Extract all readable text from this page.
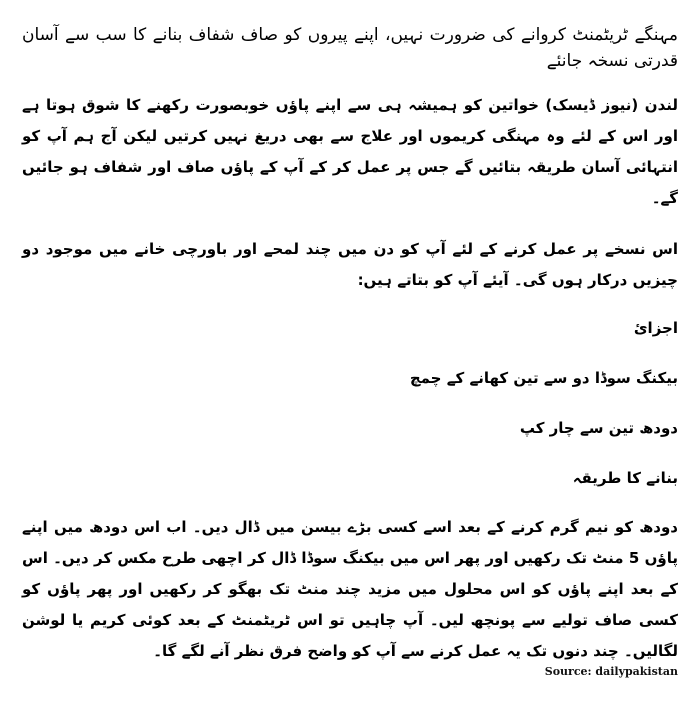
مہنگے ٹریٹمنٹ کروانے کی ضرورت نہیں، اپنے پیروں کو صاف شفاف بنانے کا سب سے آسان قدرتی نسخہ جانئے

لندن (نیوز ڈیسک) خواتین کو ہمیشہ ہی سے اپنے پاؤں خوبصورت رکھنے کا شوق ہوتا ہے اور اس کے لئے وہ مہنگی کریموں اور علاج سے بھی دریغ نہیں کرتیں لیکن آج ہم آپ کو انتہائی آسان طریقہ بتائیں گے جس پر عمل کر کے آپ کے پاؤں صاف اور شفاف ہو جائیں گے۔

اس نسخے پر عمل کرنے کے لئے آپ کو دن میں چند لمحے اور باورچی خانے میں موجود دو چیزیں درکار ہوں گی۔ آیئے آپ کو بتاتے ہیں:

اجزائ

بیکنگ سوڈا دو سے تین کھانے کے چمچ

دودھ تین سے چار کپ

بنانے کا طریقہ

دودھ کو نیم گرم کرنے کے بعد اسے کسی بڑے بیسن میں ڈال دیں۔ اب اس دودھ میں اپنے پاؤں 5 منٹ تک رکھیں اور پھر اس میں بیکنگ سوڈا ڈال کر اچھی طرح مکس کر دیں۔ اس کے بعد اپنے پاؤں کو اس محلول میں مزید چند منٹ تک بھگو کر رکھیں اور پھر پاؤں کو کسی صاف تولیے سے پونچھ لیں۔ آپ چاہیں تو اس ٹریٹمنٹ کے بعد کوئی کریم یا لوشن لگالیں۔ چند دنوں تک یہ عمل کرنے سے آپ کو واضح فرق نظر آنے لگے گا۔

Source: dailypakistan
